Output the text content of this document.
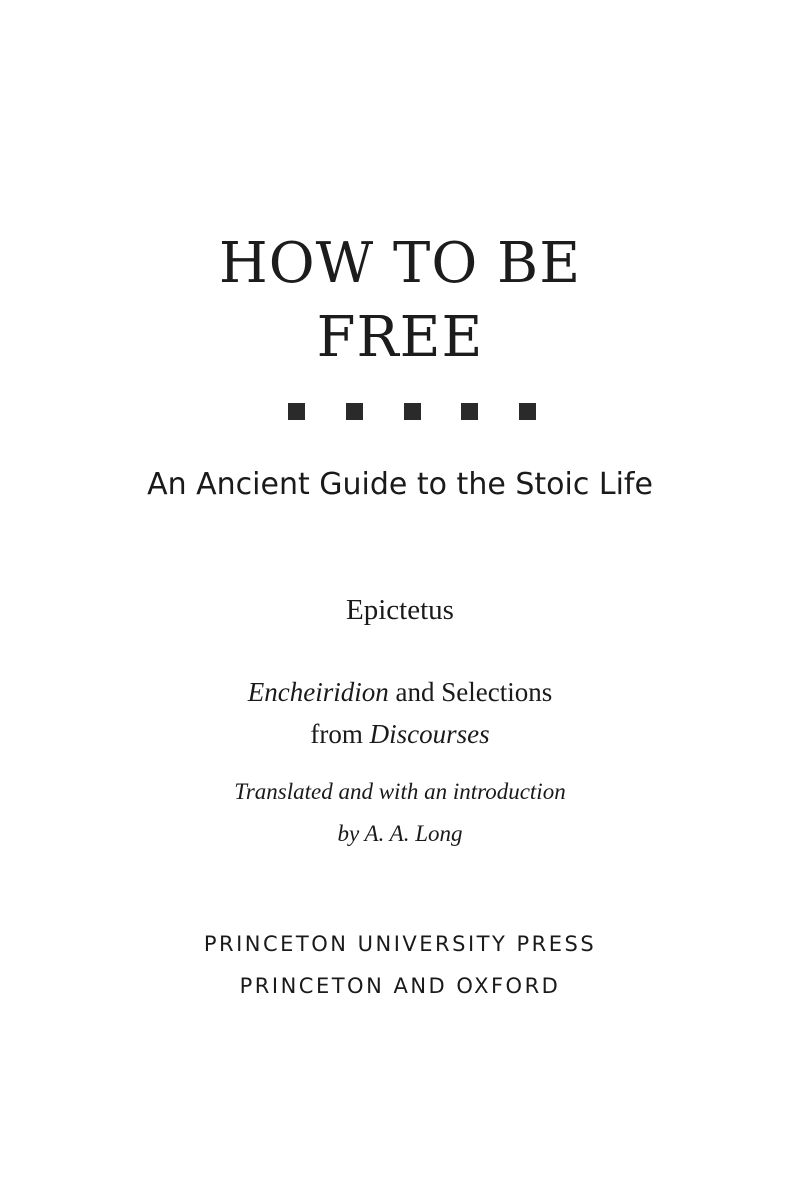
HOW TO BE
FREE
An Ancient Guide to the Stoic Life
Epictetus
Encheiridion and Selections
from Discourses
Translated and with an introduction
by A. A. Long
PRINCETON UNIVERSITY PRESS
PRINCETON AND OXFORD
